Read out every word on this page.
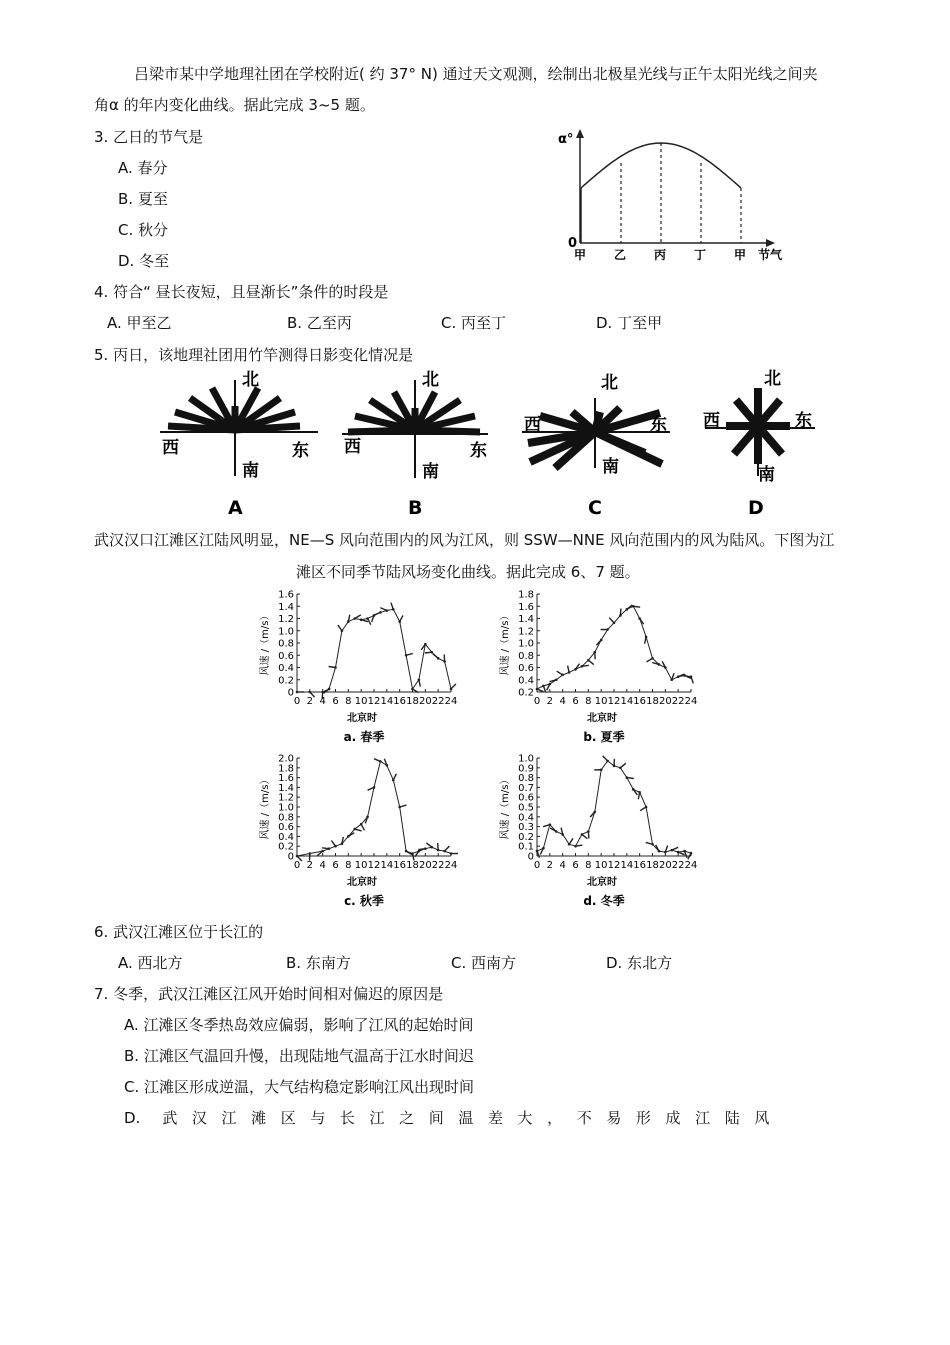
吕梁市某中学地理社团在学校附近( 约 37° N) 通过天文观测，绘制出北极星光线与正午太阳光线之间夹
角α 的年内变化曲线。据此完成 3~5 题。
3. 乙日的节气是
A. 春分
B. 夏至
C. 秋分
D. 冬至
α°
0
甲 乙 丙 丁 甲 节气
4. 符合“ 昼长夜短，且昼渐长”条件的时段是
A. 甲至乙	B. 乙至丙	C. 丙至丁	D. 丁至甲
5. 丙日，该地理社团用竹竿测得日影变化情况是
北
西	东
南
A
北
西	东
南
B
北
西	东
南
C
北
西	东
南
D
武汉汉口江滩区江陆风明显，NE—S 风向范围内的风为江风，则 SSW—NNE 风向范围内的风为陆风。下图为江
滩区不同季节陆风场变化曲线。据此完成 6、7 题。
0
0.2
0.4
0.6
0.8
1.0
1.2
1.4
1.6
0 2 4 6 8 10 12 14 16 18 20 22 24
风速 /（m/s）
北京时
a. 春季
0.2
0.4
0.6
0.8
1.0
1.2
1.4
1.6
1.8
0 2 4 6 8 10 12 14 16 18 20 22 24
风速 /（m/s）
北京时
b. 夏季
0
0.2
0.4
0.6
0.8
1.0
1.2
1.4
1.6
1.8
2.0
0 2 4 6 8 10 12 14 16 18 20 22 24
风速 /（m/s）
北京时
c. 秋季
0
0.1
0.2
0.3
0.4
0.5
0.6
0.7
0.8
0.9
1.0
0 2 4 6 8 10 12 14 16 18 20 22 24
风速 /（m/s）
北京时
d. 冬季
6. 武汉江滩区位于长江的
A. 西北方	B. 东南方	C. 西南方	D. 东北方
7. 冬季，武汉江滩区江风开始时间相对偏迟的原因是
A. 江滩区冬季热岛效应偏弱，影响了江风的起始时间
B. 江滩区气温回升慢，出现陆地气温高于江水时间迟
C. 江滩区形成逆温，大气结构稳定影响江风出现时间
D. 武汉江滩区与长江之间温差大，不易形成江陆风
